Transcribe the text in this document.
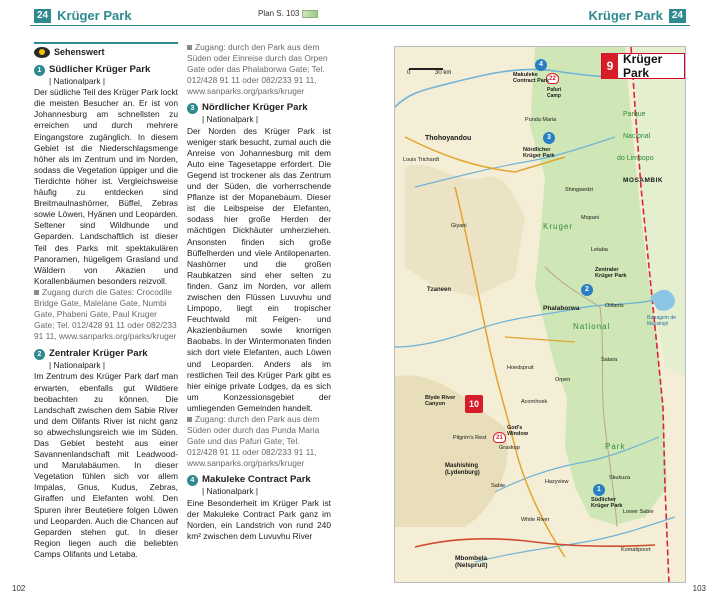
24 Krüger Park	Plan S. 103
Sehenswert
1 Südlicher Krüger Park
| Nationalpark |

Der südliche Teil des Krüger Park lockt die meisten Besucher an. Er ist von Johannesburg am schnellsten zu erreichen und durch mehrere Eingangstore zugänglich. In diesem Gebiet ist die Niederschlagsmenge höher als im Zentrum und im Norden, sodass die Vegetation üppiger und die Tierdichte höher ist. Vergleichsweise häufig zu entdecken sind Breitmaulnashörner, Büffel, Zebras sowie Löwen, Hyänen und Leoparden. Seltener sind Wildhunde und Geparden. Landschaftlich ist dieser Teil des Parks mit spektakulären Panoramen, hügeligem Grasland und Wäldern von Akazien und Korallenbäumen besonders reizvoll.

Zugang durch die Gates: Crocodile Bridge Gate, Malelane Gate, Numbi Gate, Phabeni Gate, Paul Kruger Gate; Tel. 012/428 91 11 oder 082/233 91 11, www.sanparks.org/parks/kruger

2 Zentraler Krüger Park
| Nationalpark |

Im Zentrum des Krüger Park darf man erwarten, ebenfalls gut Wildtiere beobachten zu können. Die Landschaft zwischen dem Sabie River und dem Olifants River ist nicht ganz so abwechslungsreich wie im Süden. Das Gebiet besteht aus einer Savannenlandschaft mit Leadwood- und Marulabäumen. In dieser Vegetation fühlen sich vor allem Impalas, Gnus, Kudus, Zebras, Giraffen und Elefanten wohl. Den Spuren ihrer Beutetiere folgen Löwen und Leoparden. Auch die Chancen auf Geparden stehen gut. In dieser Region liegen auch die beliebten Camps Olifants und Letaba.

Zugang: durch den Park aus dem Süden oder Einreise durch das Orpen Gate oder das Phalaborwa Gate; Tel. 012/428 91 11 oder 082/233 91 11, www.sanparks.org/parks/kruger

3 Nördlicher Krüger Park
| Nationalpark |

Der Norden des Krüger Park ist weniger stark besucht, zumal auch die Anreise von Johannesburg mit dem Auto eine Tagesetappe erfordert. Die Gegend ist trockener als das Zentrum und der Süden, die vorherrschende Pflanze ist der Mopanebaum. Dieser ist die Leibspeise der Elefanten, sodass hier große Herden der mächtigen Dickhäuter umherziehen. Ansonsten finden sich große Büffelherden und viele Antilopenarten. Nashörner und die großen Raubkatzen sind eher selten zu finden. Ganz im Norden, vor allem zwischen den Flüssen Luvuvhu und Limpopo, liegt ein tropischer Feuchtwald mit Feigen- und Akazienbäumen sowie knorrigen Baobabs. In der Wintermonaten finden sich dort viele Elefanten, auch Löwen und Leoparden. Anders als im restlichen Teil des Krüger Park gibt es hier einige private Lodges, da es sich um Konzessionsgebiet der umliegenden Gemeinden handelt.

Zugang: durch den Park aus dem Süden oder durch das Punda Maria Gate und das Pafuri Gate; Tel. 012/428 91 11 oder 082/233 91 11, www.sanparks.org/parks/kruger

4 Makuleke Contract Park
| Nationalpark |

Eine Besonderheit im Krüger Park ist der Makuleke Contract Park ganz im Norden, ein Landstrich von rund 240 km² zwischen dem Luvuvhu River

102
Krüger Park 24
0	30 km	9 Krüger Park
4
3
2
1
10
22
21
Makuleke Contract Park
Pafuri Camp
Parque
Nacional
do Limpopo
MOSAMBIK
Thohoyandou
Nördlicher Krüger Park
Kruger
Zentraler Krüger Park
Phalaborwa
National
Blyde River Canyon
God's Window
Mashishing (Lydenburg)
Park
Südlicher Krüger Park
Skukuza
Mbombela (Nelspruit)
Komatipoort
White River
Hazyview
Graskop
Sabie
Hoedspruit
Tzaneen
Giyani
Letaba
Olifants
Satara
Orpen
Lower Sabie
Pilgrim's Rest
Acornhoek
Barragem de Massingir
Louis Trichardt
Punda Maria
Shingwedzi
Mopani
103
